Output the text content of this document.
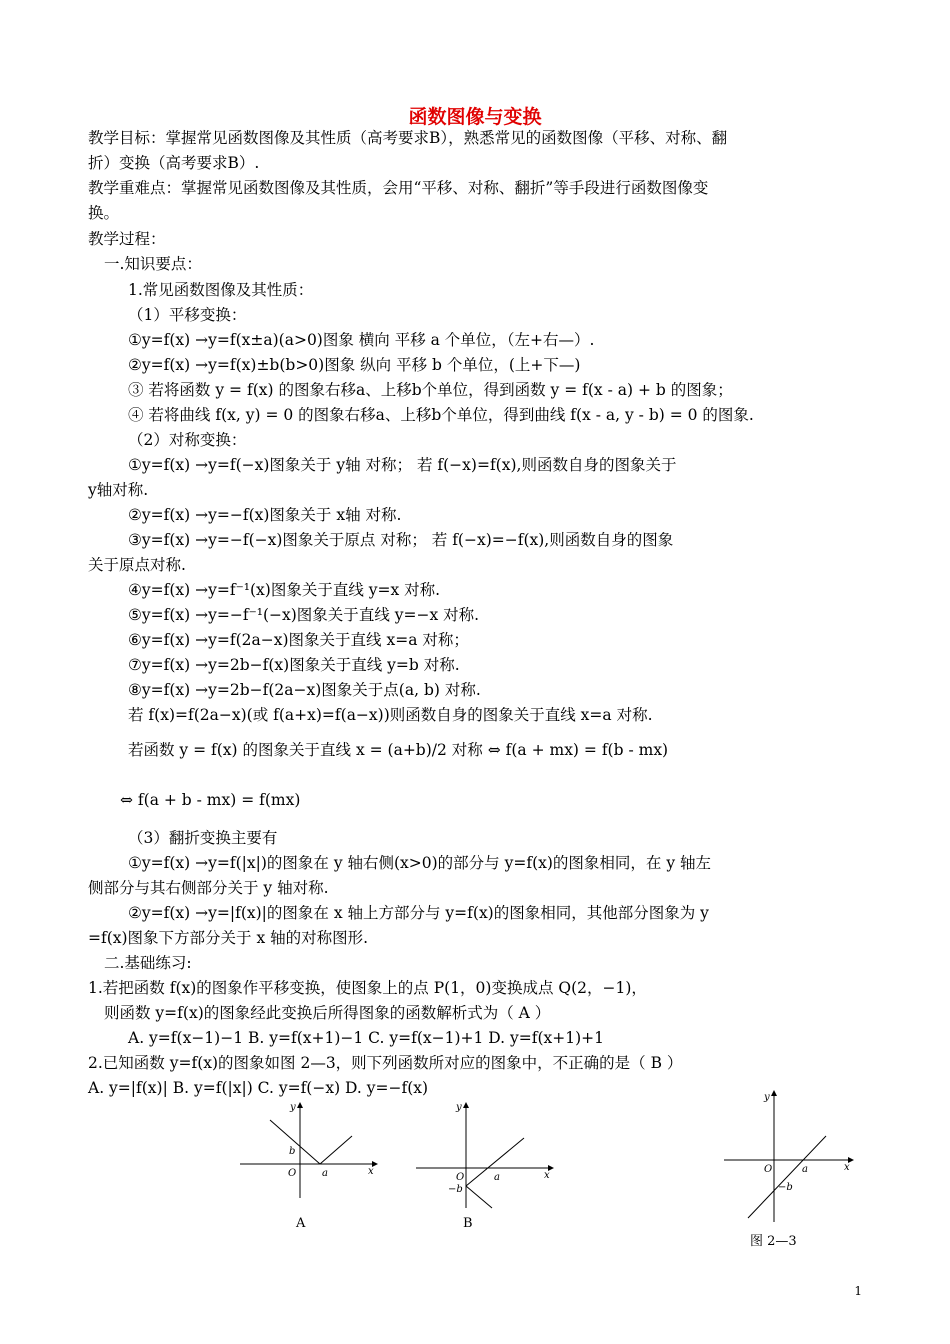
函数图像与变换
教学目标：掌握常见函数图像及其性质（高考要求B），熟悉常见的函数图像（平移、对称、翻
折）变换（高考要求B）.
教学重难点：掌握常见函数图像及其性质，会用“平移、对称、翻折”等手段进行函数图像变
换。
教学过程：
一.知识要点：
1.常见函数图像及其性质：
（1）平移变换：
①y=f(x) →y=f(x±a)(a>0)图象 横向 平移 a 个单位，（左+右—）.
②y=f(x) →y=f(x)±b(b>0)图象 纵向 平移 b 个单位，(上+下—)
③ 若将函数 y = f(x) 的图象右移a、上移b个单位，得到函数 y = f(x - a) + b 的图象；
④ 若将曲线 f(x, y) = 0 的图象右移a、上移b个单位，得到曲线 f(x - a, y - b) = 0 的图象.
（2）对称变换：
①y=f(x) →y=f(−x)图象关于 y轴 对称； 若 f(−x)=f(x),则函数自身的图象关于
y轴对称.
②y=f(x) →y=−f(x)图象关于 x轴 对称.
③y=f(x) →y=−f(−x)图象关于原点 对称； 若 f(−x)=−f(x),则函数自身的图象
关于原点对称.
④y=f(x) →y=f⁻¹(x)图象关于直线 y=x 对称.
⑤y=f(x) →y=−f⁻¹(−x)图象关于直线 y=−x 对称.
⑥y=f(x) →y=f(2a−x)图象关于直线 x=a 对称；
⑦y=f(x) →y=2b−f(x)图象关于直线 y=b 对称.
⑧y=f(x) →y=2b−f(2a−x)图象关于点(a, b) 对称.
若 f(x)=f(2a−x)(或 f(a+x)=f(a−x))则函数自身的图象关于直线 x=a 对称.
若函数 y = f(x) 的图象关于直线 x = (a+b)/2 对称 ⇔ f(a + mx) = f(b - mx)
⇔ f(a + b - mx) = f(mx)
（3）翻折变换主要有
①y=f(x) →y=f(|x|)的图象在 y 轴右侧(x>0)的部分与 y=f(x)的图象相同，在 y 轴左
侧部分与其右侧部分关于 y 轴对称.
②y=f(x) →y=|f(x)|的图象在 x 轴上方部分与 y=f(x)的图象相同，其他部分图象为 y
=f(x)图象下方部分关于 x 轴的对称图形.
二.基础练习:
1.若把函数 f(x)的图象作平移变换，使图象上的点 P(1，0)变换成点 Q(2，−1)，
则函数 y=f(x)的图象经此变换后所得图象的函数解析式为（ A ）
A. y=f(x−1)−1 B. y=f(x+1)−1 C. y=f(x−1)+1 D. y=f(x+1)+1
2.已知函数 y=f(x)的图象如图 2—3，则下列函数所对应的图象中，不正确的是（ B ）
A. y=|f(x)| B. y=f(|x|) C. y=f(−x) D. y=−f(x)
O	a
b
x
y
A
O	a
−b
x
y
B
O	a
−b
x
y
图 2—3
1
